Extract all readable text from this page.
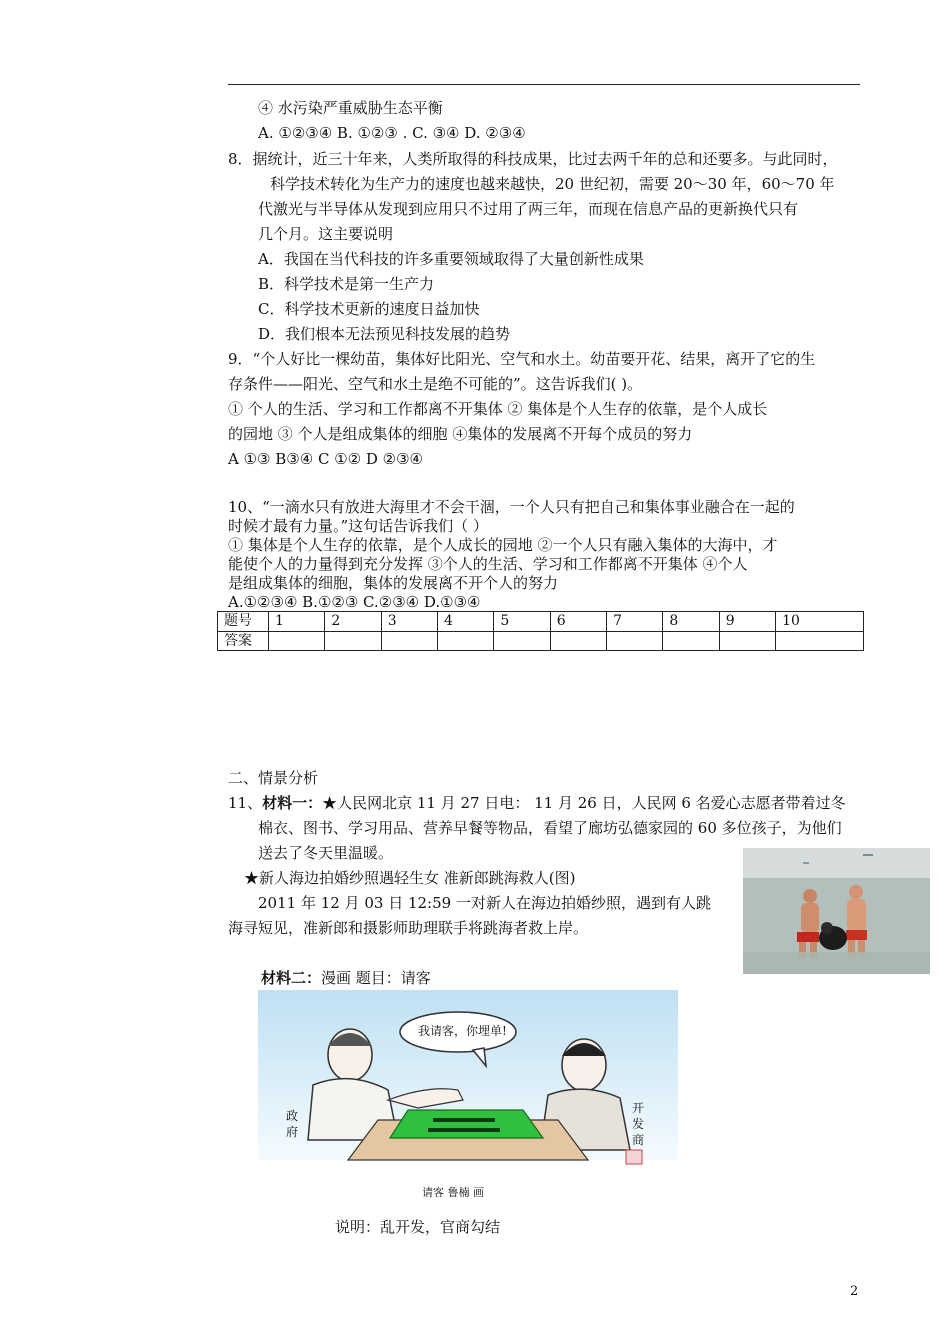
④ 水污染严重威胁生态平衡
A. ①②③④ B. ①②③ . C. ③④ D. ②③④
8．据统计，近三十年来，人类所取得的科技成果，比过去两千年的总和还要多。与此同时，
科学技术转化为生产力的速度也越来越快，20 世纪初，需要 20～30 年，60～70 年
代激光与半导体从发现到应用只不过用了两三年，而现在信息产品的更新换代只有
几个月。这主要说明
A．我国在当代科技的许多重要领域取得了大量创新性成果
B．科学技术是第一生产力
C．科学技术更新的速度日益加快
D．我们根本无法预见科技发展的趋势
9．“个人好比一棵幼苗，集体好比阳光、空气和水土。幼苗要开花、结果，离开了它的生
存条件——阳光、空气和水土是绝不可能的”。这告诉我们( )。
① 个人的生活、学习和工作都离不开集体 ② 集体是个人生存的依靠，是个人成长
的园地 ③ 个人是组成集体的细胞 ④集体的发展离不开每个成员的努力
A ①③ B③④ C ①② D ②③④
10、“一滴水只有放进大海里才不会干涸，一个人只有把自己和集体事业融合在一起的
时候才最有力量。”这句话告诉我们（ ）
① 集体是个人生存的依靠，是个人成长的园地 ②一个人只有融入集体的大海中，才
能使个人的力量得到充分发挥 ③个人的生活、学习和工作都离不开集体 ④个人
是组成集体的细胞，集体的发展离不开个人的努力
A.①②③④ B.①②③ C.②③④ D.①③④
题号	1	2	3	4	5	6	7	8	9	10
答案										
二、情景分析
11、材料一：★人民网北京 11 月 27 日电： 11 月 26 日，人民网 6 名爱心志愿者带着过冬
棉衣、图书、学习用品、营养早餐等物品，看望了廊坊弘德家园的 60 多位孩子，为他们
送去了冬天里温暖。
★新人海边拍婚纱照遇轻生女 准新郎跳海救人(图)
2011 年 12 月 03 日 12:59 一对新人在海边拍婚纱照，遇到有人跳
海寻短见，准新郎和摄影师助理联手将跳海者救上岸。
材料二：漫画 题目：请客
我请客，你埋单!
政府
开发商
请客 鲁楠 画
说明：乱开发，官商勾结
2
